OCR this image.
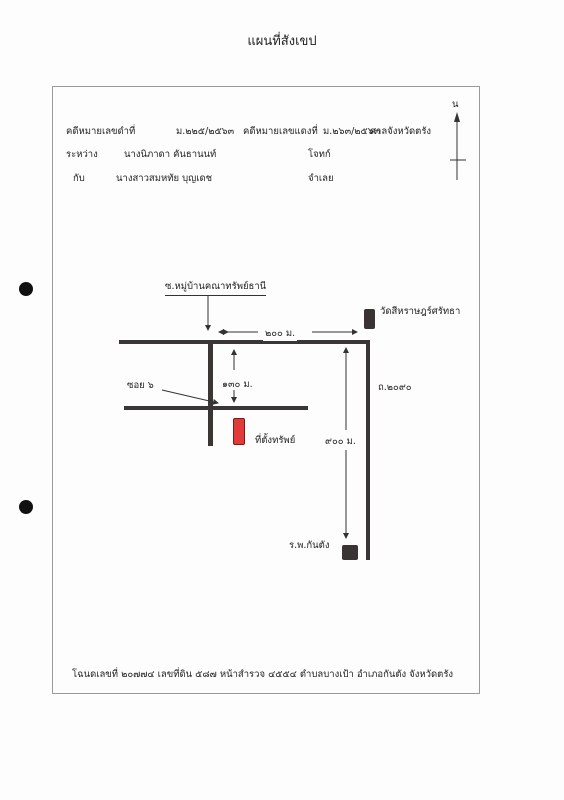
แผนที่สังเขป
คดีหมายเลขดำที่	ม.๒๒๕/๒๕๖๓ คดีหมายเลขแดงที่ ม.๒๖๓/๒๕๖๓
ศาลจังหวัดตรัง
ระหว่าง	นางนิภาดา คันธานนท์	โจทก์
กับ	นางสาวสมหทัย บุญเดช	จำเลย
น
ซ.หมู่บ้านคณาทรัพย์ธานี
๒๐๐ ม.
๑๓๐ ม.
ซอย ๖	ถ.๒๐๙๐
๙๐๐ ม.
วัดสีหราษฎร์ศรัทธา
ที่ตั้งทรัพย์
ร.พ.กันตัง
โฉนดเลขที่ ๒๐๗๗๔ เลขที่ดิน ๕๘๗ หน้าสำรวจ ๔๕๕๔ ตำบลบางเป้า อำเภอกันตัง จังหวัดตรัง
